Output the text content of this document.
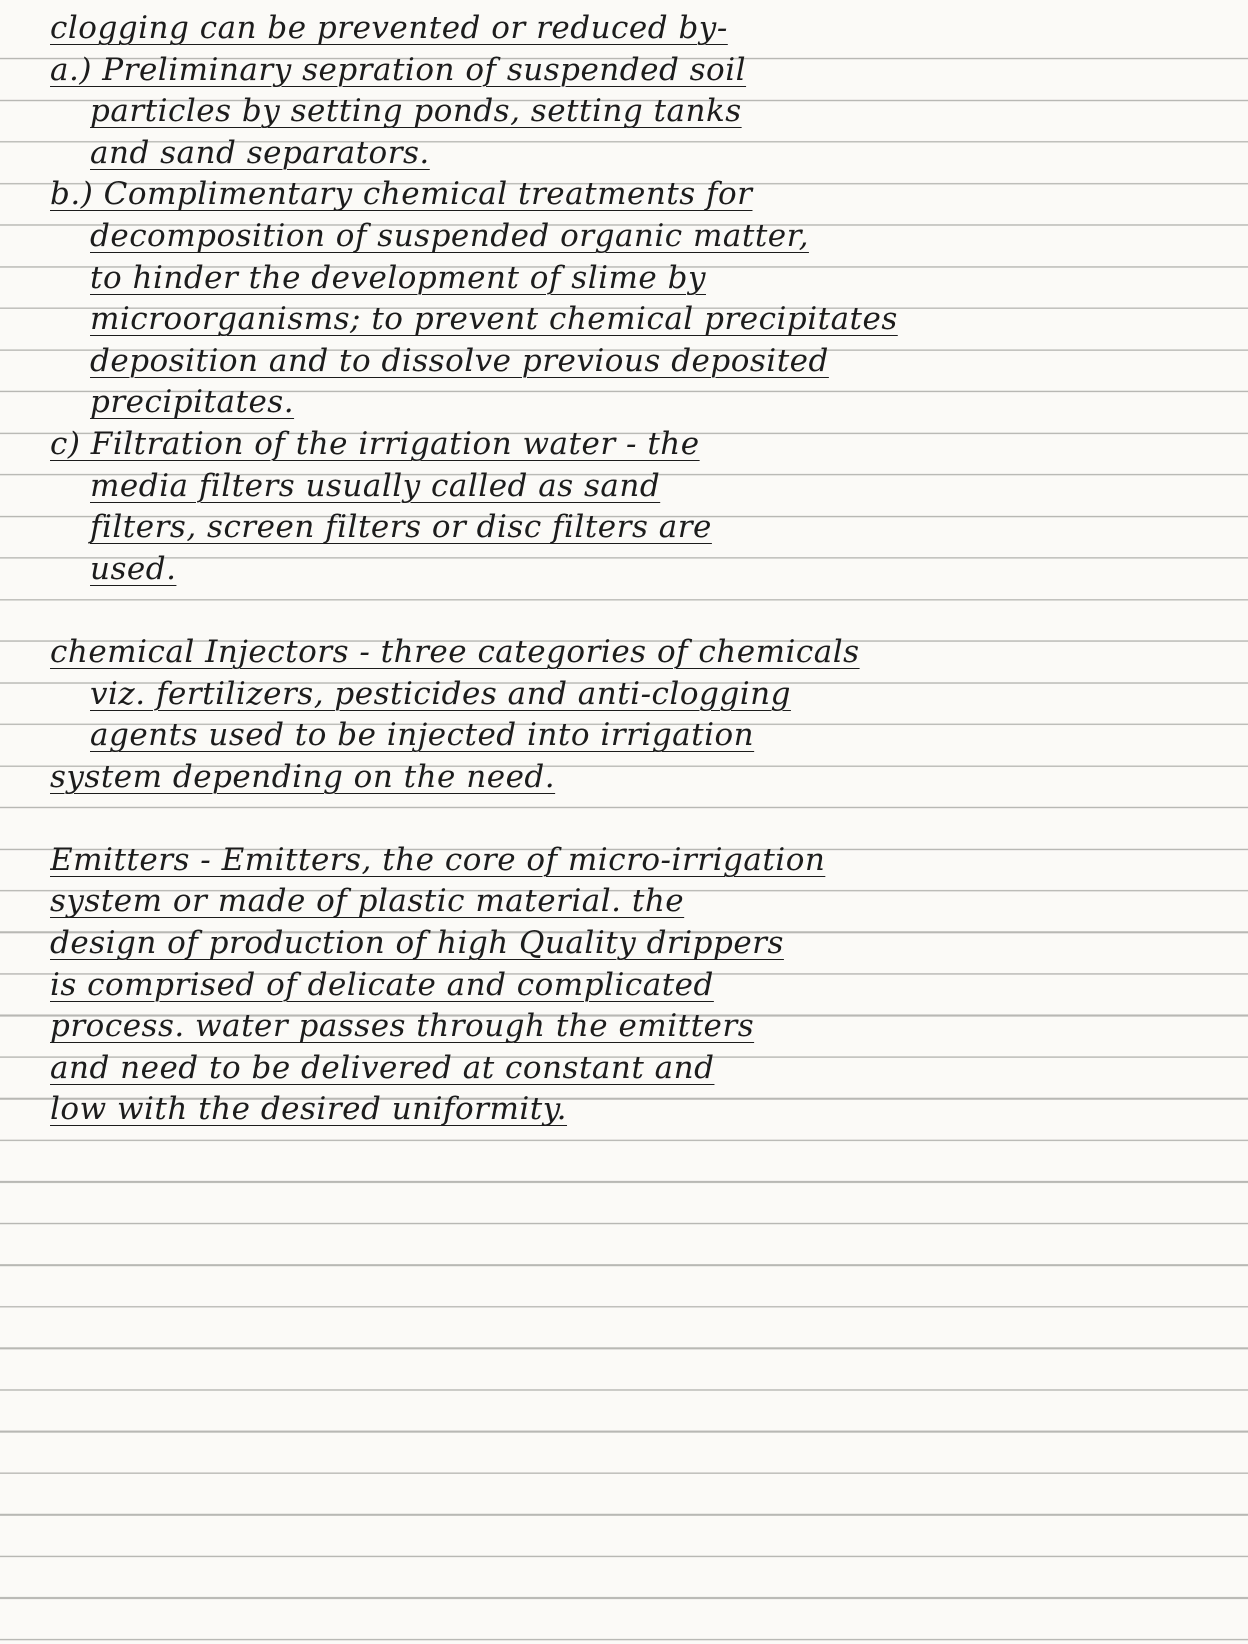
clogging can be prevented or reduced by-
a.) Preliminary sepration of suspended soil
particles by setting ponds, setting tanks
and sand separators.
b.) Complimentary chemical treatments for
decomposition of suspended organic matter,
to hinder the development of slime by
microorganisms; to prevent chemical precipitates
deposition and to dissolve previous deposited
precipitates.
c) Filtration of the irrigation water - the
media filters usually called as sand
filters, screen filters or disc filters are
used.
chemical Injectors - three categories of chemicals
viz. fertilizers, pesticides and anti-clogging
agents used to be injected into irrigation
system depending on the need.
Emitters - Emitters, the core of micro-irrigation
system or made of plastic material. the
design of production of high Quality drippers
is comprised of delicate and complicated
process. water passes through the emitters
and need to be delivered at constant and
low with the desired uniformity.
